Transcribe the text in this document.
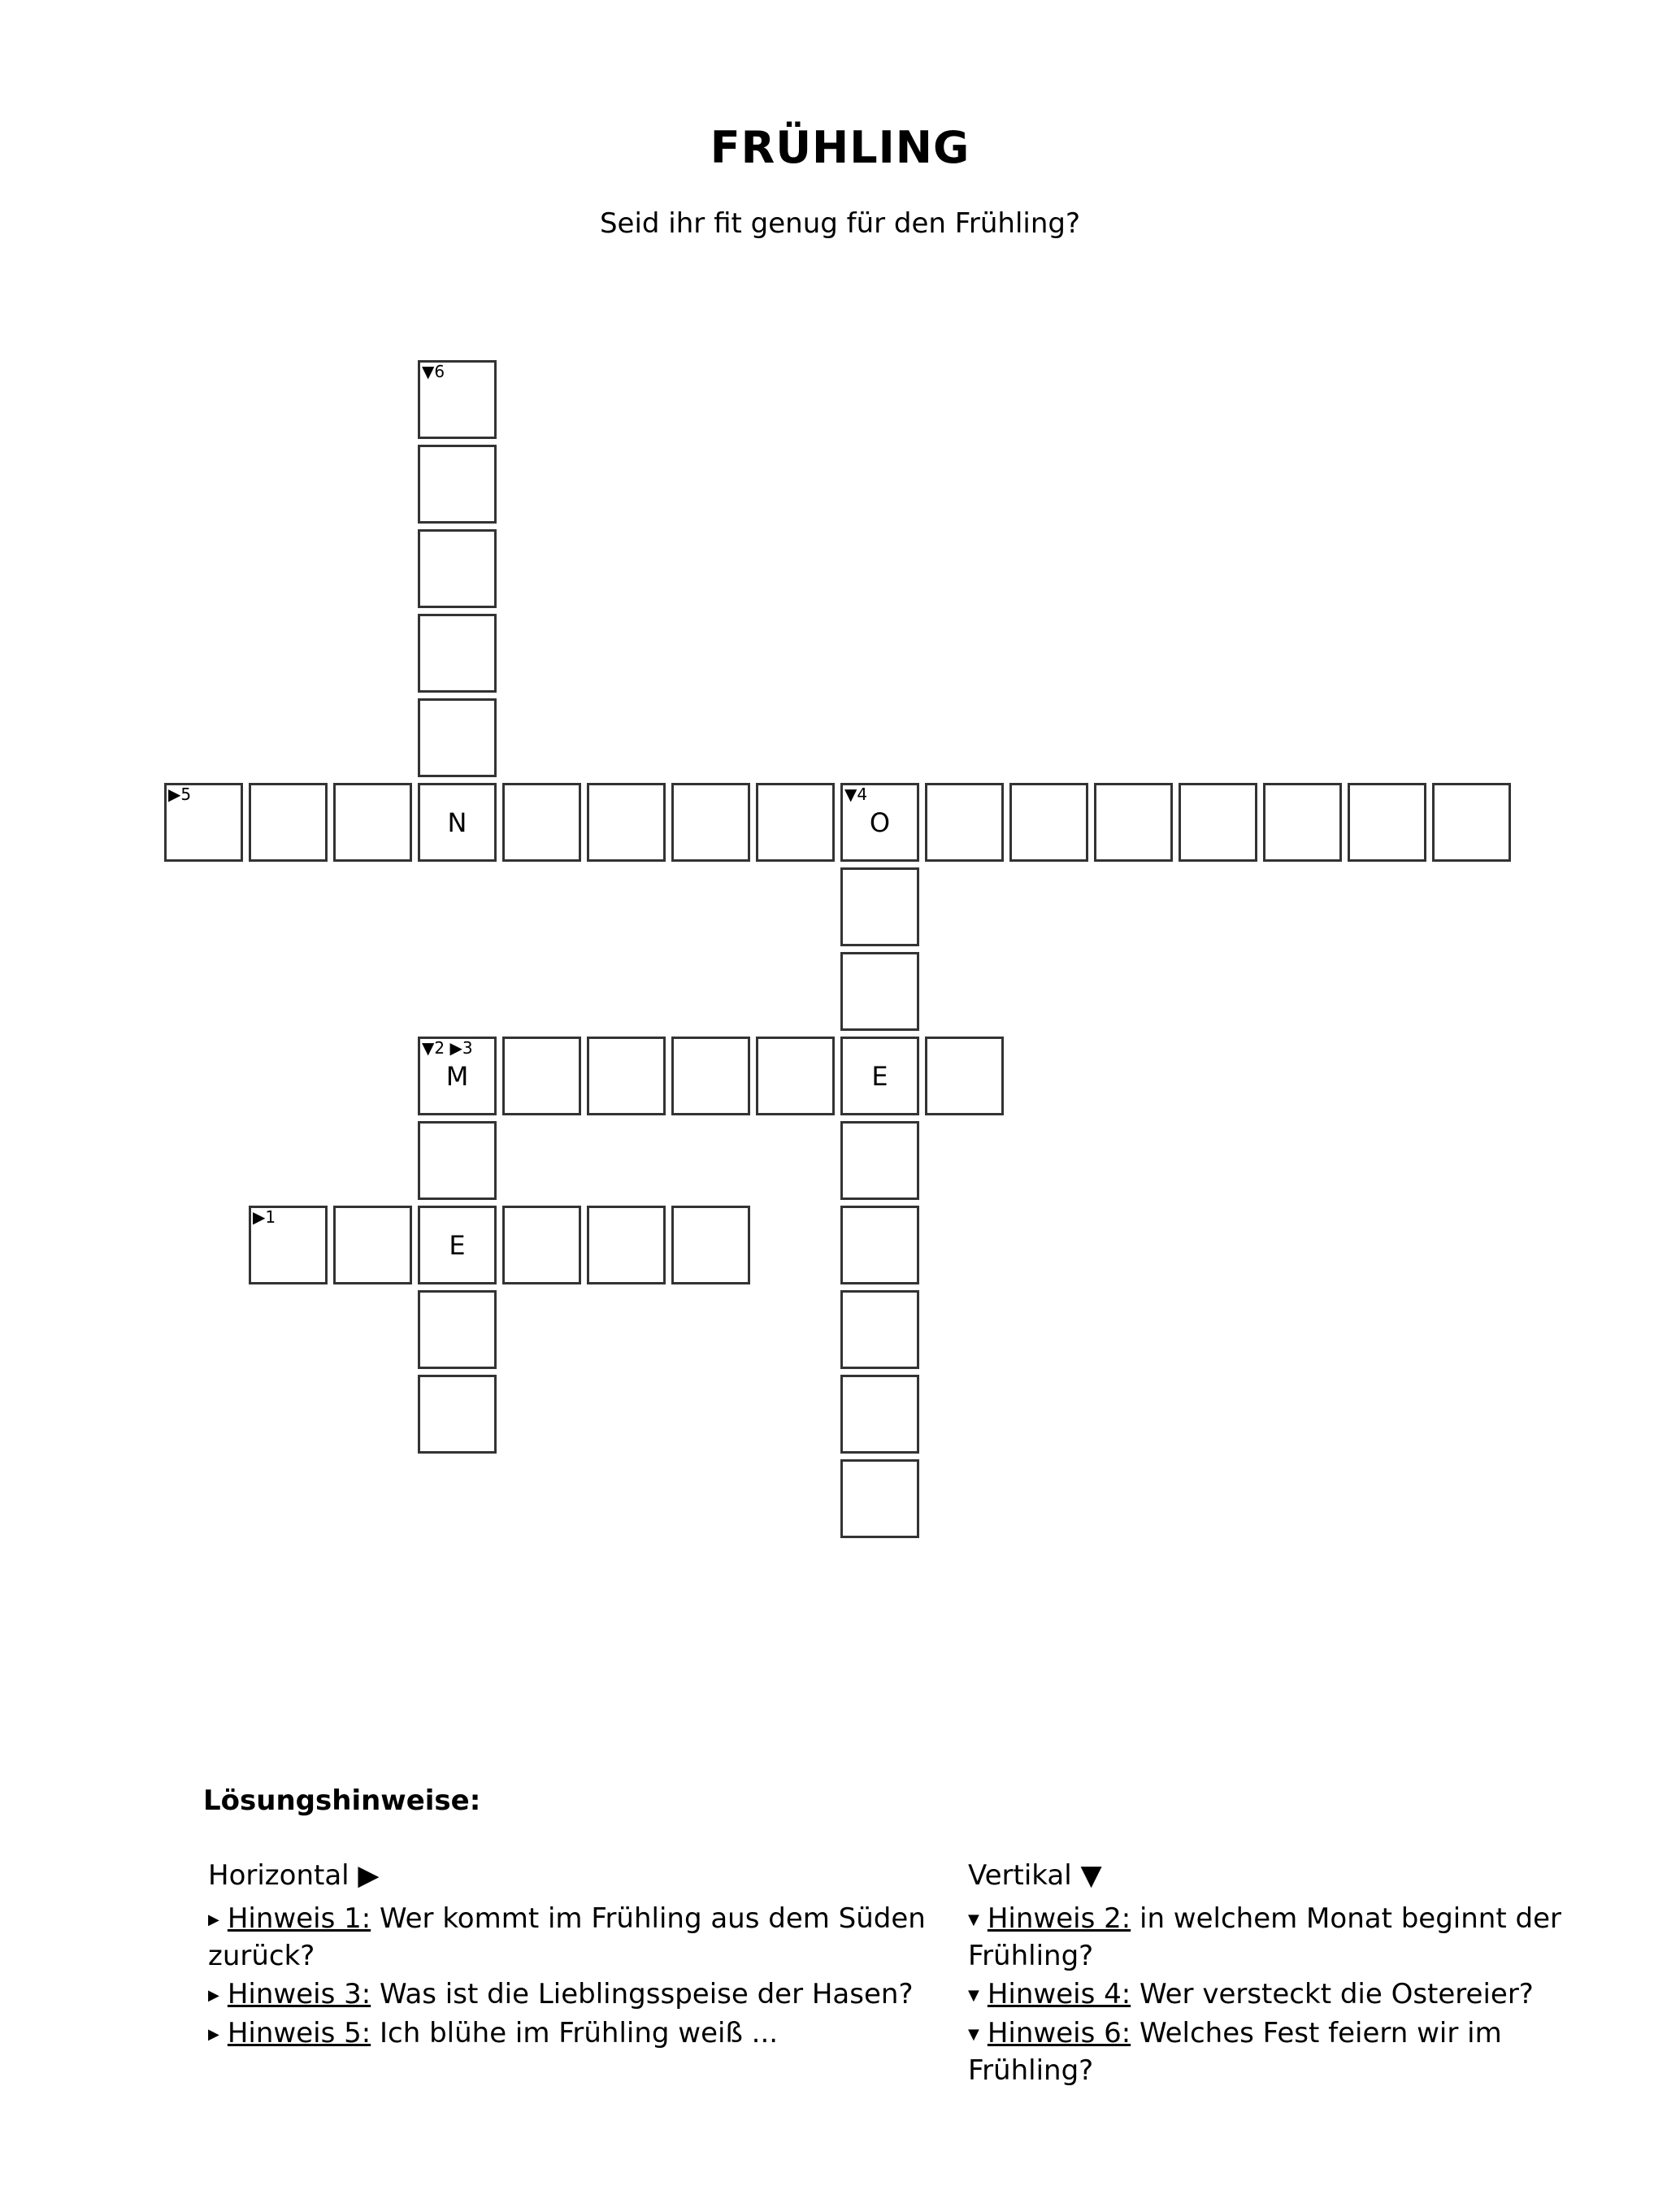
FRÜHLING
Seid ihr fit genug für den Frühling?
▼6
▶5
N
▼4
O
▼2 ▶3
M	E
▶1
E
Lösungshinweise:
Horizontal ▶
▶ Hinweis 1: Wer kommt im Frühling aus dem Süden zurück?
▶ Hinweis 3: Was ist die Lieblingsspeise der Hasen?
▶ Hinweis 5: Ich blühe im Frühling weiß ...
Vertikal ▼
▼ Hinweis 2: in welchem Monat beginnt der Frühling?
▼ Hinweis 4: Wer versteckt die Ostereier?
▼ Hinweis 6: Welches Fest feiern wir im Frühling?
